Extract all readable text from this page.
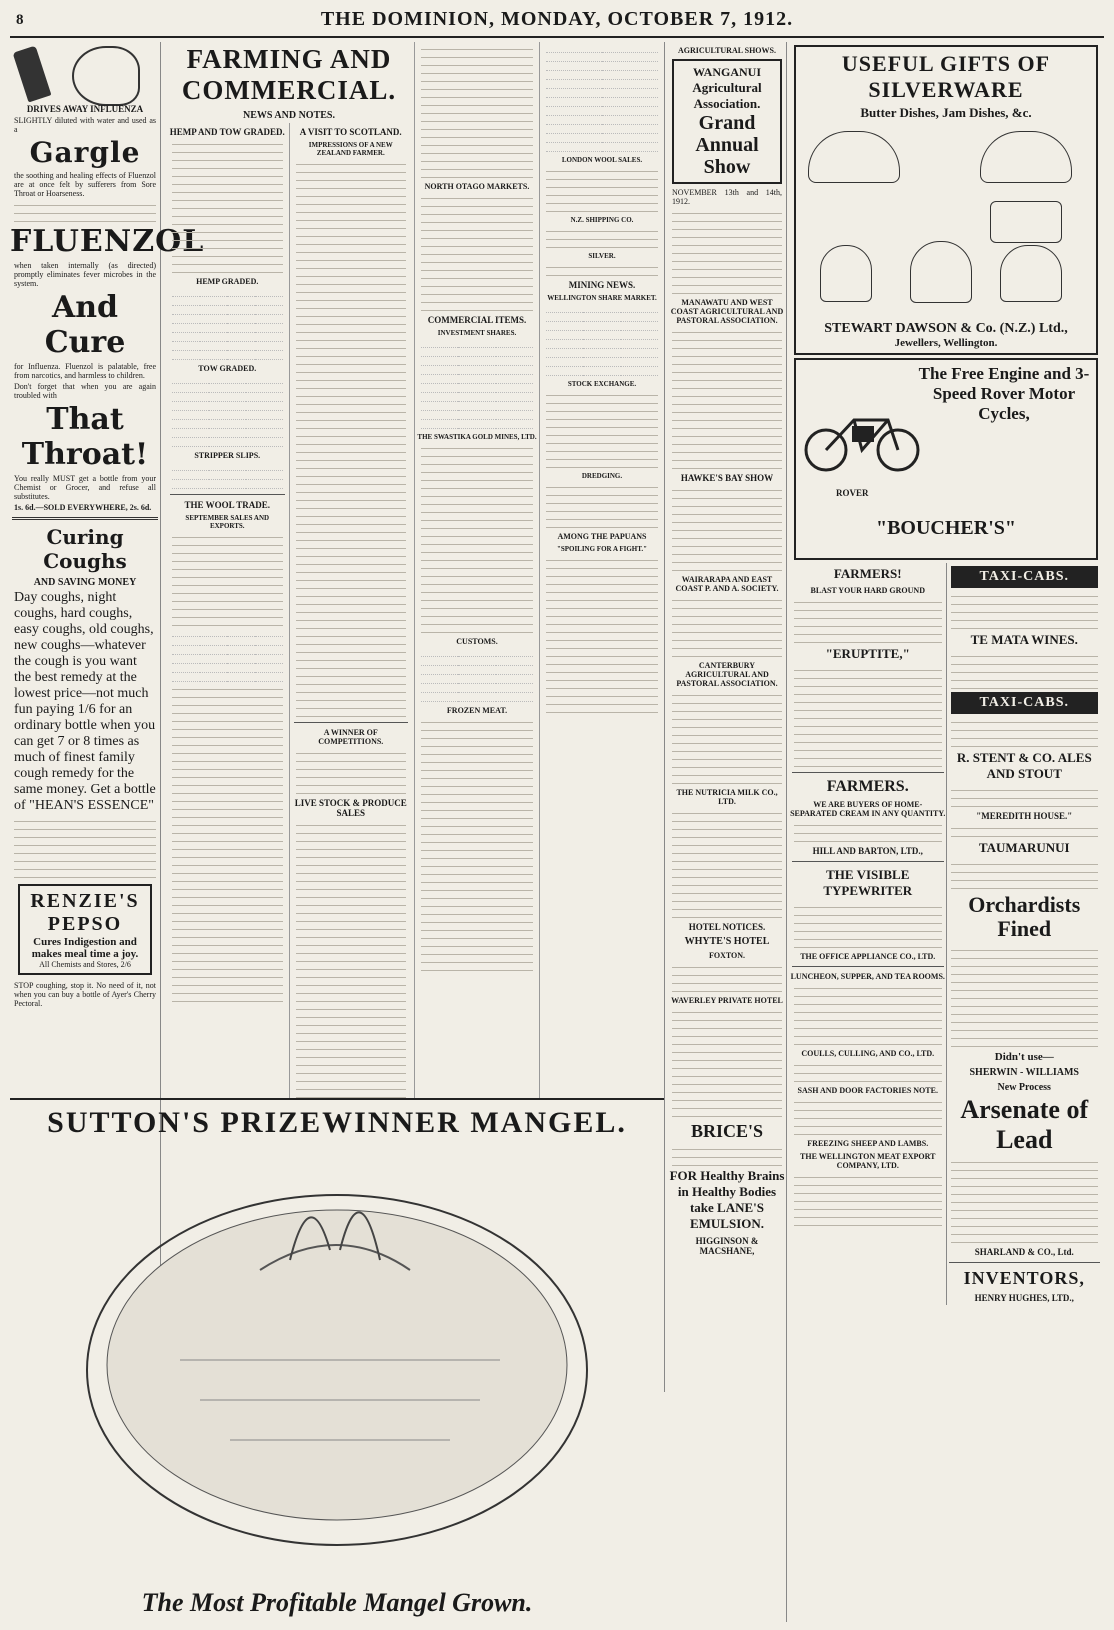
8	THE DOMINION, MONDAY, OCTOBER 7, 1912.
DRIVES AWAY INFLUENZA
SLIGHTLY diluted with water and used as a
Gargle
the soothing and healing effects of Fluenzol are at once felt by sufferers from Sore Throat or Hoarseness.
FLUENZOL
when taken internally (as directed) promptly eliminates fever microbes in the system.
And Cure
for Influenza. Fluenzol is palatable, free from narcotics, and harmless to children.
Don't forget that when you are again troubled with
That Throat!
You really MUST get a bottle from your Chemist or Grocer, and refuse all substitutes.
1s. 6d.—SOLD EVERYWHERE, 2s. 6d.
Curing Coughs
AND SAVING MONEY
Day coughs, night coughs, hard coughs, easy coughs, old coughs, new coughs—whatever the cough is you want the best remedy at the lowest price—not much fun paying 1/6 for an ordinary bottle when you can get 7 or 8 times as much of finest family cough remedy for the same money. Get a bottle of "HEAN'S ESSENCE"
RENZIE'S PEPSO
Cures Indigestion and makes meal time a joy.
All Chemists and Stores, 2/6
STOP coughing, stop it. No need of it, not when you can buy a bottle of Ayer's Cherry Pectoral.
FARMING AND COMMERCIAL.
NEWS AND NOTES.
HEMP AND TOW GRADED.
HEMP GRADED.

TOW GRADED.

STRIPPER SLIPS.

THE WOOL TRADE.
SEPTEMBER SALES AND EXPORTS.

A VISIT TO SCOTLAND.
IMPRESSIONS OF A NEW ZEALAND FARMER.
A WINNER OF COMPETITIONS.
LIVE STOCK & PRODUCE SALES
NORTH OTAGO MARKETS.
COMMERCIAL ITEMS.
INVESTMENT SHARES.

THE SWASTIKA GOLD MINES, LTD.
CUSTOMS.

FROZEN MEAT.

LONDON WOOL SALES.
N.Z. SHIPPING CO.
SILVER.
MINING NEWS.
WELLINGTON SHARE MARKET.

STOCK EXCHANGE.
DREDGING.
AMONG THE PAPUANS
"SPOILING FOR A FIGHT."
SUTTON'S PRIZEWINNER MANGEL.
The Most Profitable Mangel Grown.
AGRICULTURAL SHOWS.
WANGANUI
Agricultural Association.
Grand Annual Show
NOVEMBER 13th and 14th, 1912.
MANAWATU AND WEST COAST AGRICULTURAL AND PASTORAL ASSOCIATION.
HAWKE'S BAY SHOW
WAIRARAPA AND EAST COAST P. AND A. SOCIETY.
CANTERBURY AGRICULTURAL AND PASTORAL ASSOCIATION.
THE NUTRICIA MILK CO., LTD.
HOTEL NOTICES.
WHYTE'S HOTEL
FOXTON.
WAVERLEY PRIVATE HOTEL
BRICE'S
FOR Healthy Brains in Healthy Bodies take LANE'S EMULSION.
HIGGINSON & MACSHANE,
USEFUL GIFTS OF SILVERWARE
Butter Dishes, Jam Dishes, &c.
STEWART DAWSON & Co. (N.Z.) Ltd.,
Jewellers, Wellington.
The Free Engine and 3-Speed Rover Motor Cycles,
ROVER
"BOUCHER'S"
FARMERS!
BLAST YOUR HARD GROUND
"ERUPTITE,"
FARMERS.
WE ARE BUYERS OF HOME-SEPARATED CREAM IN ANY QUANTITY.
HILL AND BARTON, LTD.,
THE VISIBLE TYPEWRITER
THE OFFICE APPLIANCE CO., LTD.
LUNCHEON, SUPPER, AND TEA ROOMS.
COULLS, CULLING, AND CO., LTD.
SASH AND DOOR FACTORIES NOTE.
FREEZING SHEEP AND LAMBS.
THE WELLINGTON MEAT EXPORT COMPANY, LTD.
TAXI-CABS.
TE MATA WINES.
TAXI-CABS.
R. STENT & CO. ALES AND STOUT
"MEREDITH HOUSE."
TAUMARUNUI
Orchardists Fined
Didn't use—
SHERWIN - WILLIAMS
New Process
Arsenate of Lead
SHARLAND & CO., Ltd.
INVENTORS,
HENRY HUGHES, LTD.,
